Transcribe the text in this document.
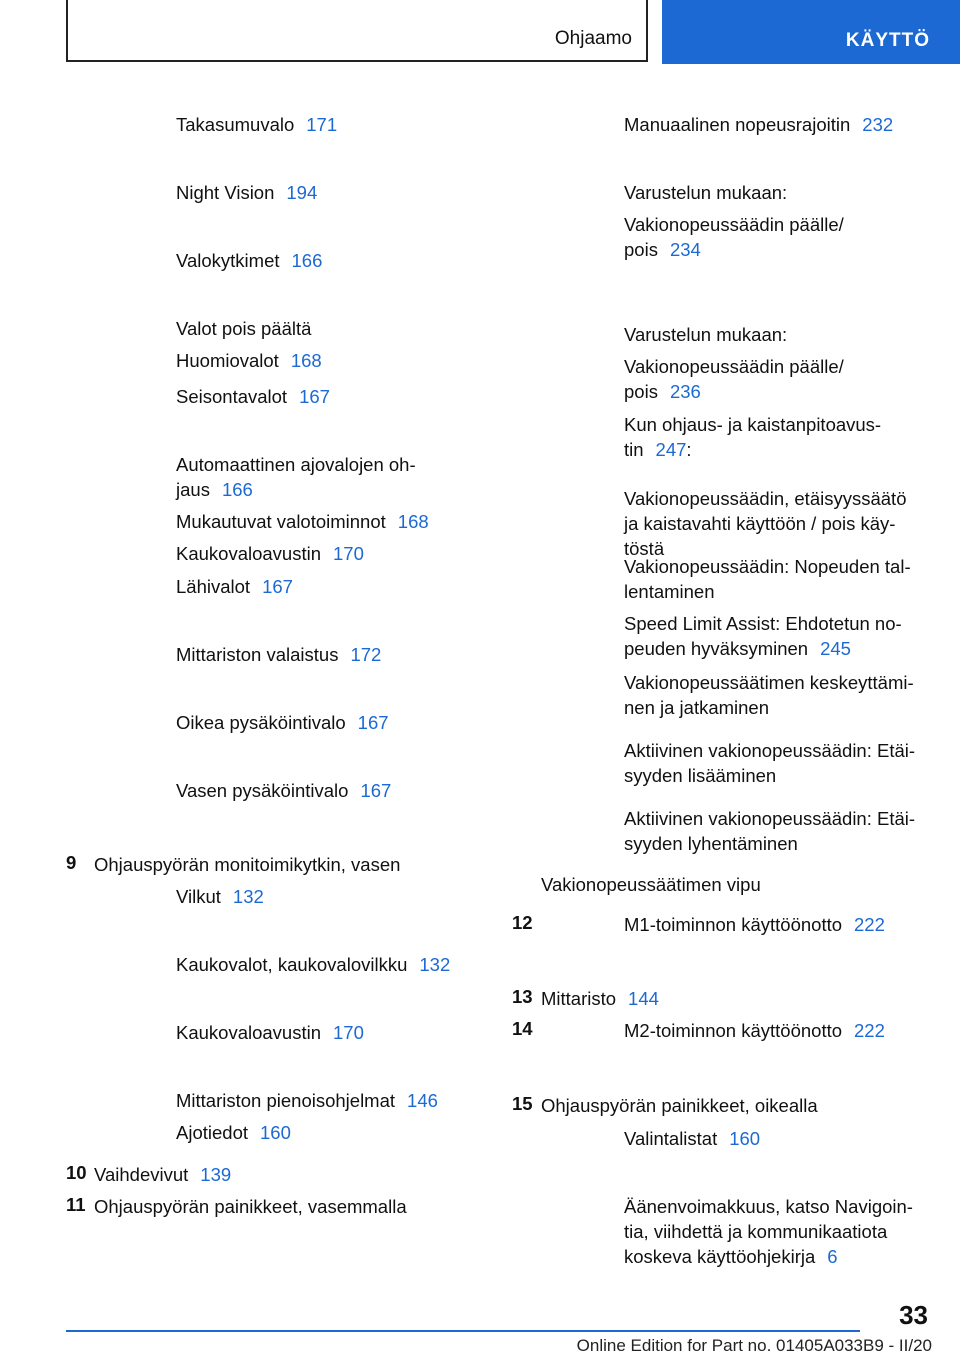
Ohjaamo	KÄYTTÖ
Takasumuvalo 171
Night Vision 194
Valokytkimet 166
Valot pois päältä
Huomiovalot 168
Seisontavalot 167
Automaattinen ajovalojen oh-
jaus 166
Mukautuvat valotoiminnot 168
Kaukovaloavustin 170
Lähivalot 167
Mittariston valaistus 172
Oikea pysäköintivalo 167
Vasen pysäköintivalo 167
9 Ohjauspyörän monitoimikytkin, vasen
Vilkut 132
Kaukovalot, kaukovalovilkku 132
Kaukovaloavustin 170
Mittariston pienoisohjelmat 146
Ajotiedot 160
10 Vaihdevivut 139
11 Ohjauspyörän painikkeet, vasemmalla
Manuaalinen nopeusrajoitin 232
Varustelun mukaan:
Vakionopeussäädin päälle/
pois 234
Varustelun mukaan:
Vakionopeussäädin päälle/
pois 236
Kun ohjaus- ja kaistanpitoavus-
tin 247:
Vakionopeussäädin, etäisyyssäätö
ja kaistavahti käyttöön / pois käy-
töstä
Vakionopeussäädin: Nopeuden tal-
lentaminen
Speed Limit Assist: Ehdotetun no-
peuden hyväksyminen 245
Vakionopeussäätimen keskeyttämi-
nen ja jatkaminen
Aktiivinen vakionopeussäädin: Etäi-
syyden lisääminen
Aktiivinen vakionopeussäädin: Etäi-
syyden lyhentäminen
Vakionopeussäätimen vipu
12	M1-toiminnon käyttöönotto 222
13 Mittaristo 144
14	M2-toiminnon käyttöönotto 222
15 Ohjauspyörän painikkeet, oikealla
Valintalistat 160
Äänenvoimakkuus, katso Navigoin-
tia, viihdettä ja kommunikaatiota
koskeva käyttöohjekirja 6
33
Online Edition for Part no. 01405A033B9 - II/20
